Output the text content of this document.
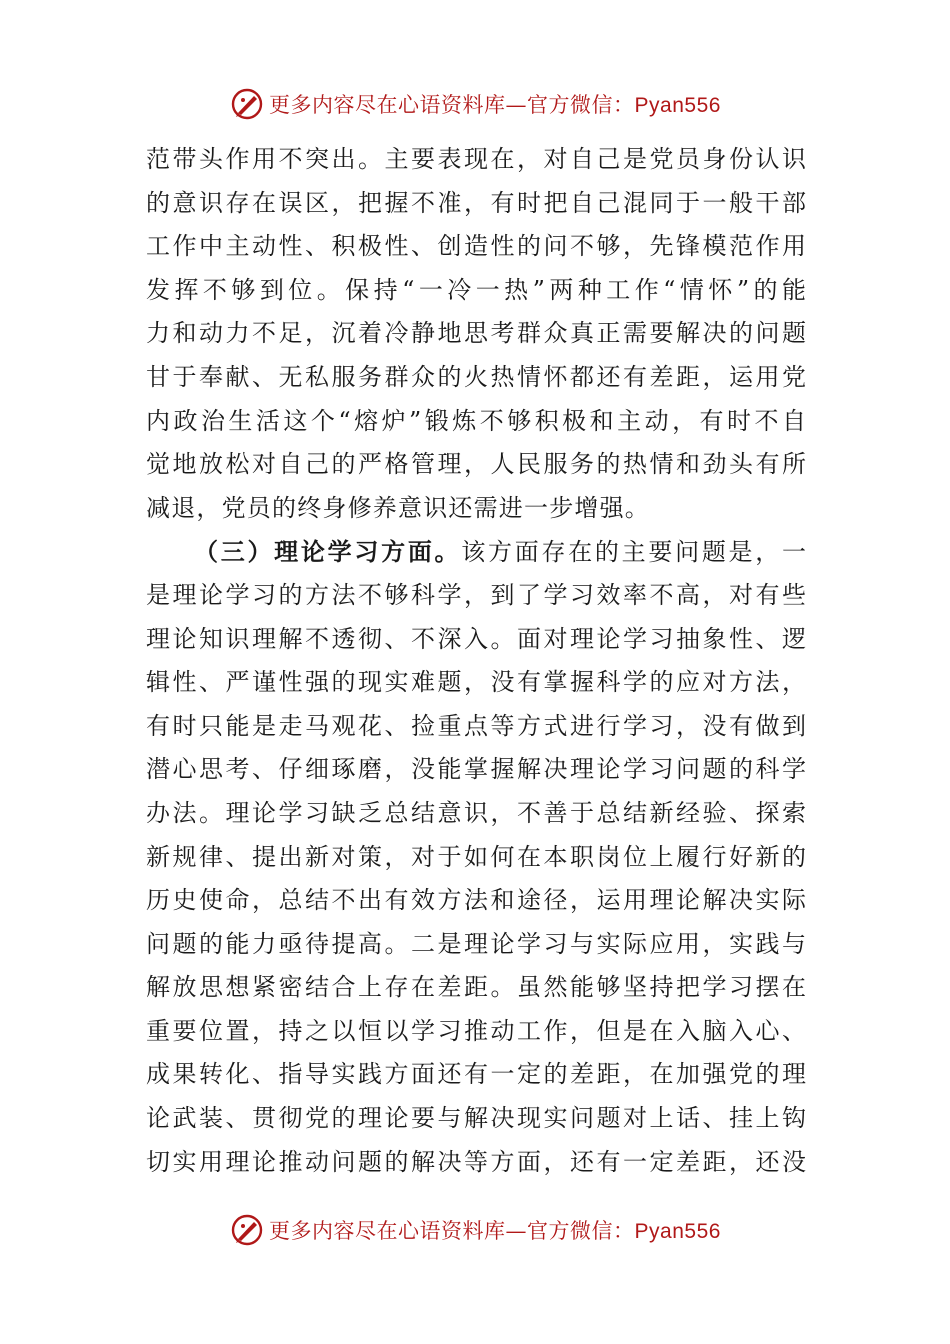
更多内容尽在心语资料库—官方微信：Pyan556
范带头作用不突出。主要表现在，对自己是党员身份认识
的意识存在误区，把握不准，有时把自己混同于一般干部
工作中主动性、积极性、创造性的问不够，先锋模范作用
发挥不够到位。保持“一冷一热”两种工作“情怀”的能
力和动力不足，沉着冷静地思考群众真正需要解决的问题
甘于奉献、无私服务群众的火热情怀都还有差距，运用党
内政治生活这个“熔炉”锻炼不够积极和主动，有时不自
觉地放松对自己的严格管理，人民服务的热情和劲头有所
减退，党员的终身修养意识还需进一步增强。
（三）理论学习方面。该方面存在的主要问题是，一
是理论学习的方法不够科学，到了学习效率不高，对有些
理论知识理解不透彻、不深入。面对理论学习抽象性、逻
辑性、严谨性强的现实难题，没有掌握科学的应对方法，
有时只能是走马观花、捡重点等方式进行学习，没有做到
潜心思考、仔细琢磨，没能掌握解决理论学习问题的科学
办法。理论学习缺乏总结意识，不善于总结新经验、探索
新规律、提出新对策，对于如何在本职岗位上履行好新的
历史使命，总结不出有效方法和途径，运用理论解决实际
问题的能力亟待提高。二是理论学习与实际应用，实践与
解放思想紧密结合上存在差距。虽然能够坚持把学习摆在
重要位置，持之以恒以学习推动工作，但是在入脑入心、
成果转化、指导实践方面还有一定的差距，在加强党的理
论武装、贯彻党的理论要与解决现实问题对上话、挂上钩
切实用理论推动问题的解决等方面，还有一定差距，还没
更多内容尽在心语资料库—官方微信：Pyan556
